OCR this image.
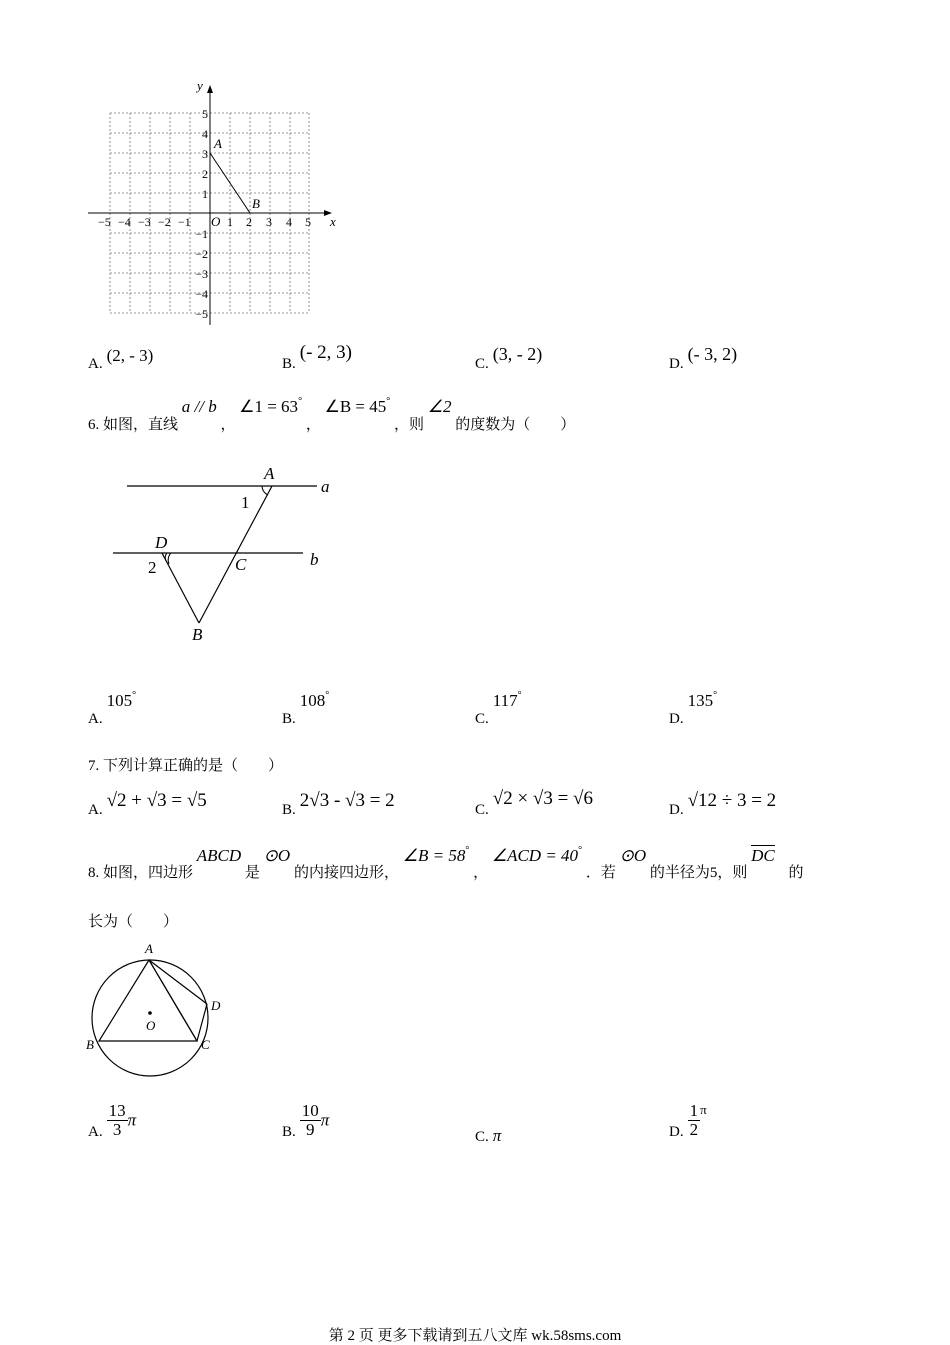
x
y
O
−5 −4 −3 −2 −1	1 2 3 4 5
5
4
3
2
1
−1
−2
−3
−4
−5
A
B
A. (2, - 3)	B. (- 2, 3)
C. (3, - 2)	D. (- 3, 2)
6. 如图，直线 a // b ， ∠1 = 63° ， ∠B = 45° ，则 ∠2 的度数为（　　）
A
a
D
C	b
B
1
2
A. 105°
B. 108°
C. 117°
D. 135°
7. 下列计算正确的是（　　）
A. √2 + √3 = √5	B. 2√3 - √3 = 2	C. √2 × √3 = √6
D. √12 ÷ 3 = 2
8. 如图，四边形 ABCD 是 ⊙O 的内接四边形， ∠B = 58° ， ∠ACD = 40° ．若 ⊙O 的半径为5，则 DC 的
长为（　　）
A
B	C
D
O
A. $\frac{13}{3}$ π
B. $\frac{10}{9}$ π
C. π	D. $\frac{1}{2} ^\pi$
第 2 页 更多下载请到五八文库 wk.58sms.com
